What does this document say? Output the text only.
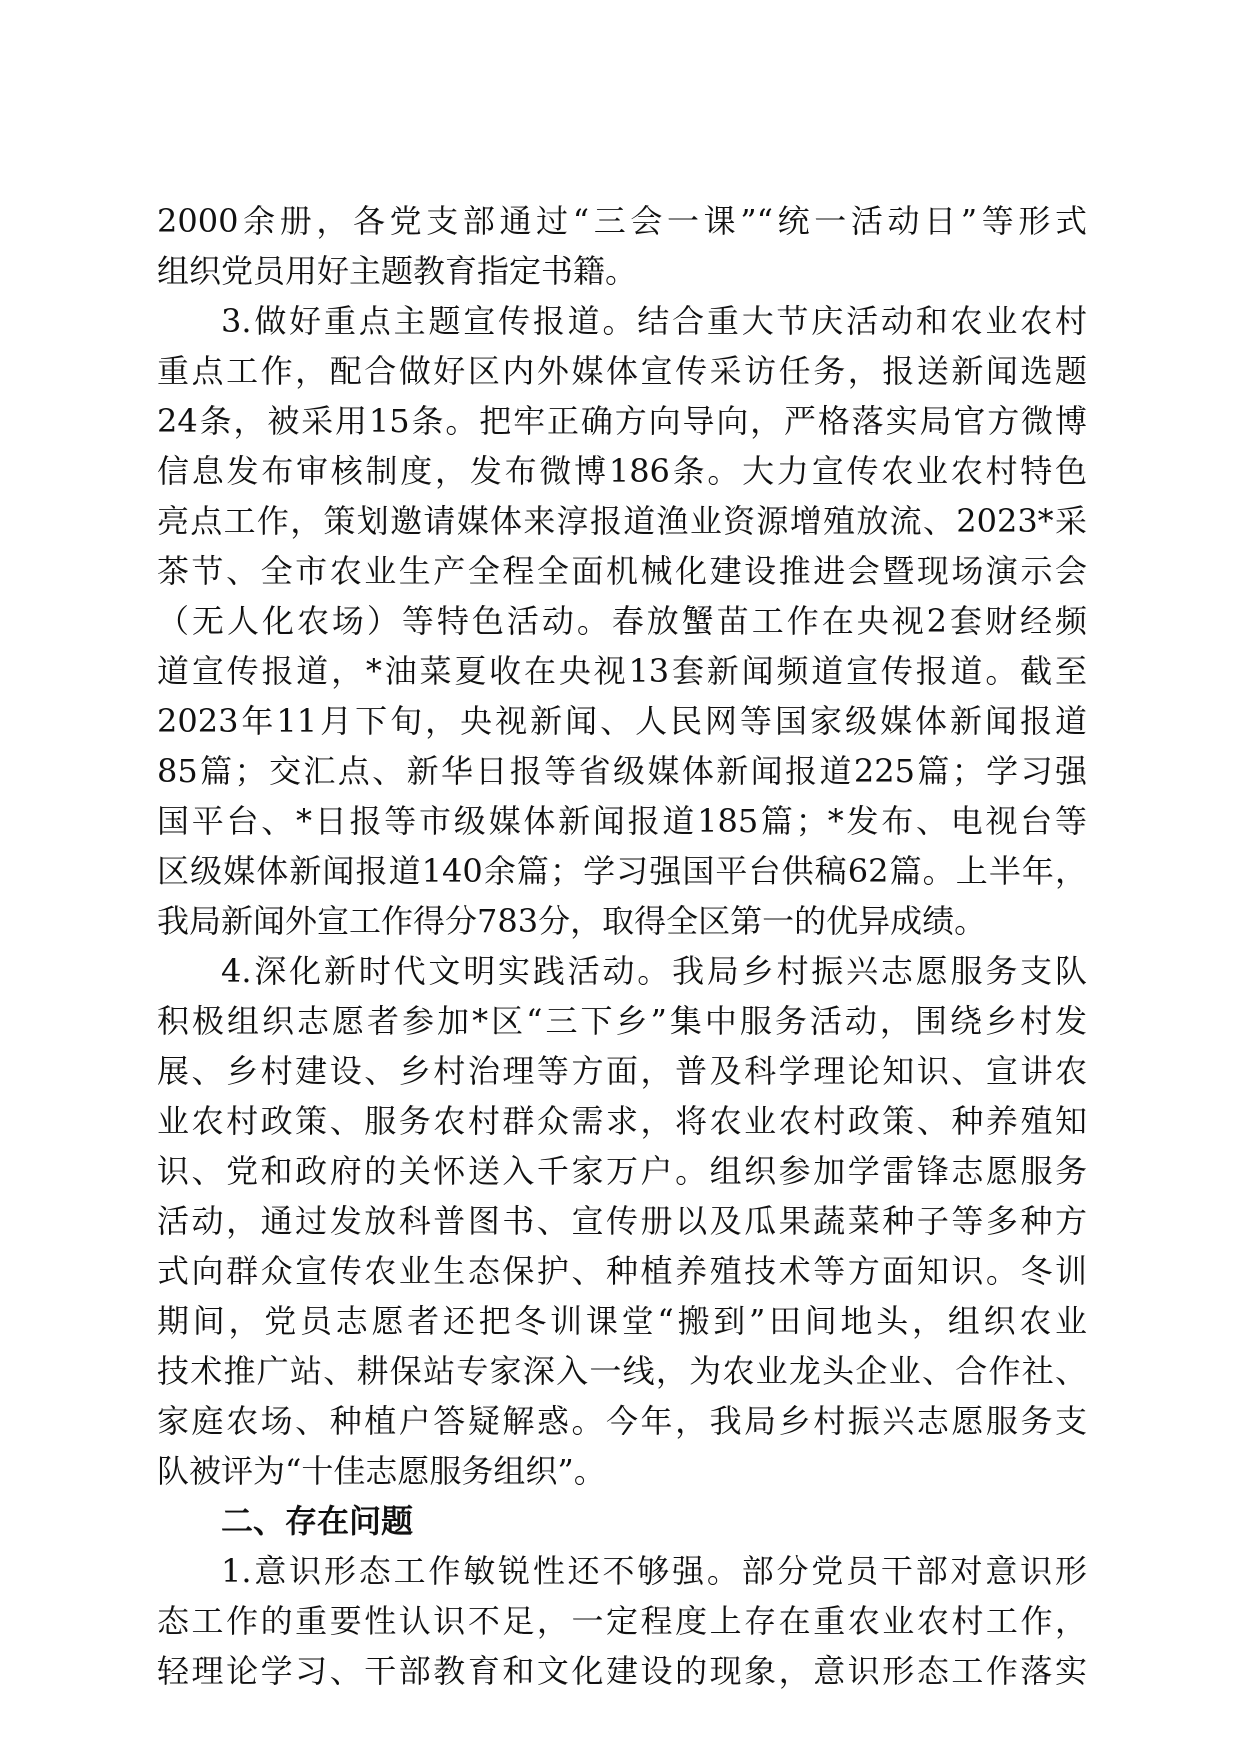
2000余册，各党支部通过“三会一课”“统一活动日”等形式
组织党员用好主题教育指定书籍。
3.做好重点主题宣传报道。结合重大节庆活动和农业农村
重点工作，配合做好区内外媒体宣传采访任务，报送新闻选题
24条，被采用15条。把牢正确方向导向，严格落实局官方微博
信息发布审核制度，发布微博186条。大力宣传农业农村特色
亮点工作，策划邀请媒体来淳报道渔业资源增殖放流、2023*采
茶节、全市农业生产全程全面机械化建设推进会暨现场演示会
（无人化农场）等特色活动。春放蟹苗工作在央视2套财经频
道宣传报道，*油菜夏收在央视13套新闻频道宣传报道。截至
2023年11月下旬，央视新闻、人民网等国家级媒体新闻报道
85篇；交汇点、新华日报等省级媒体新闻报道225篇；学习强
国平台、*日报等市级媒体新闻报道185篇；*发布、电视台等
区级媒体新闻报道140余篇；学习强国平台供稿62篇。上半年，
我局新闻外宣工作得分783分，取得全区第一的优异成绩。
4.深化新时代文明实践活动。我局乡村振兴志愿服务支队
积极组织志愿者参加*区“三下乡”集中服务活动，围绕乡村发
展、乡村建设、乡村治理等方面，普及科学理论知识、宣讲农
业农村政策、服务农村群众需求，将农业农村政策、种养殖知
识、党和政府的关怀送入千家万户。组织参加学雷锋志愿服务
活动，通过发放科普图书、宣传册以及瓜果蔬菜种子等多种方
式向群众宣传农业生态保护、种植养殖技术等方面知识。冬训
期间，党员志愿者还把冬训课堂“搬到”田间地头，组织农业
技术推广站、耕保站专家深入一线，为农业龙头企业、合作社、
家庭农场、种植户答疑解惑。今年，我局乡村振兴志愿服务支
队被评为“十佳志愿服务组织”。
二、存在问题
1.意识形态工作敏锐性还不够强。部分党员干部对意识形
态工作的重要性认识不足，一定程度上存在重农业农村工作，
轻理论学习、干部教育和文化建设的现象，意识形态工作落实
